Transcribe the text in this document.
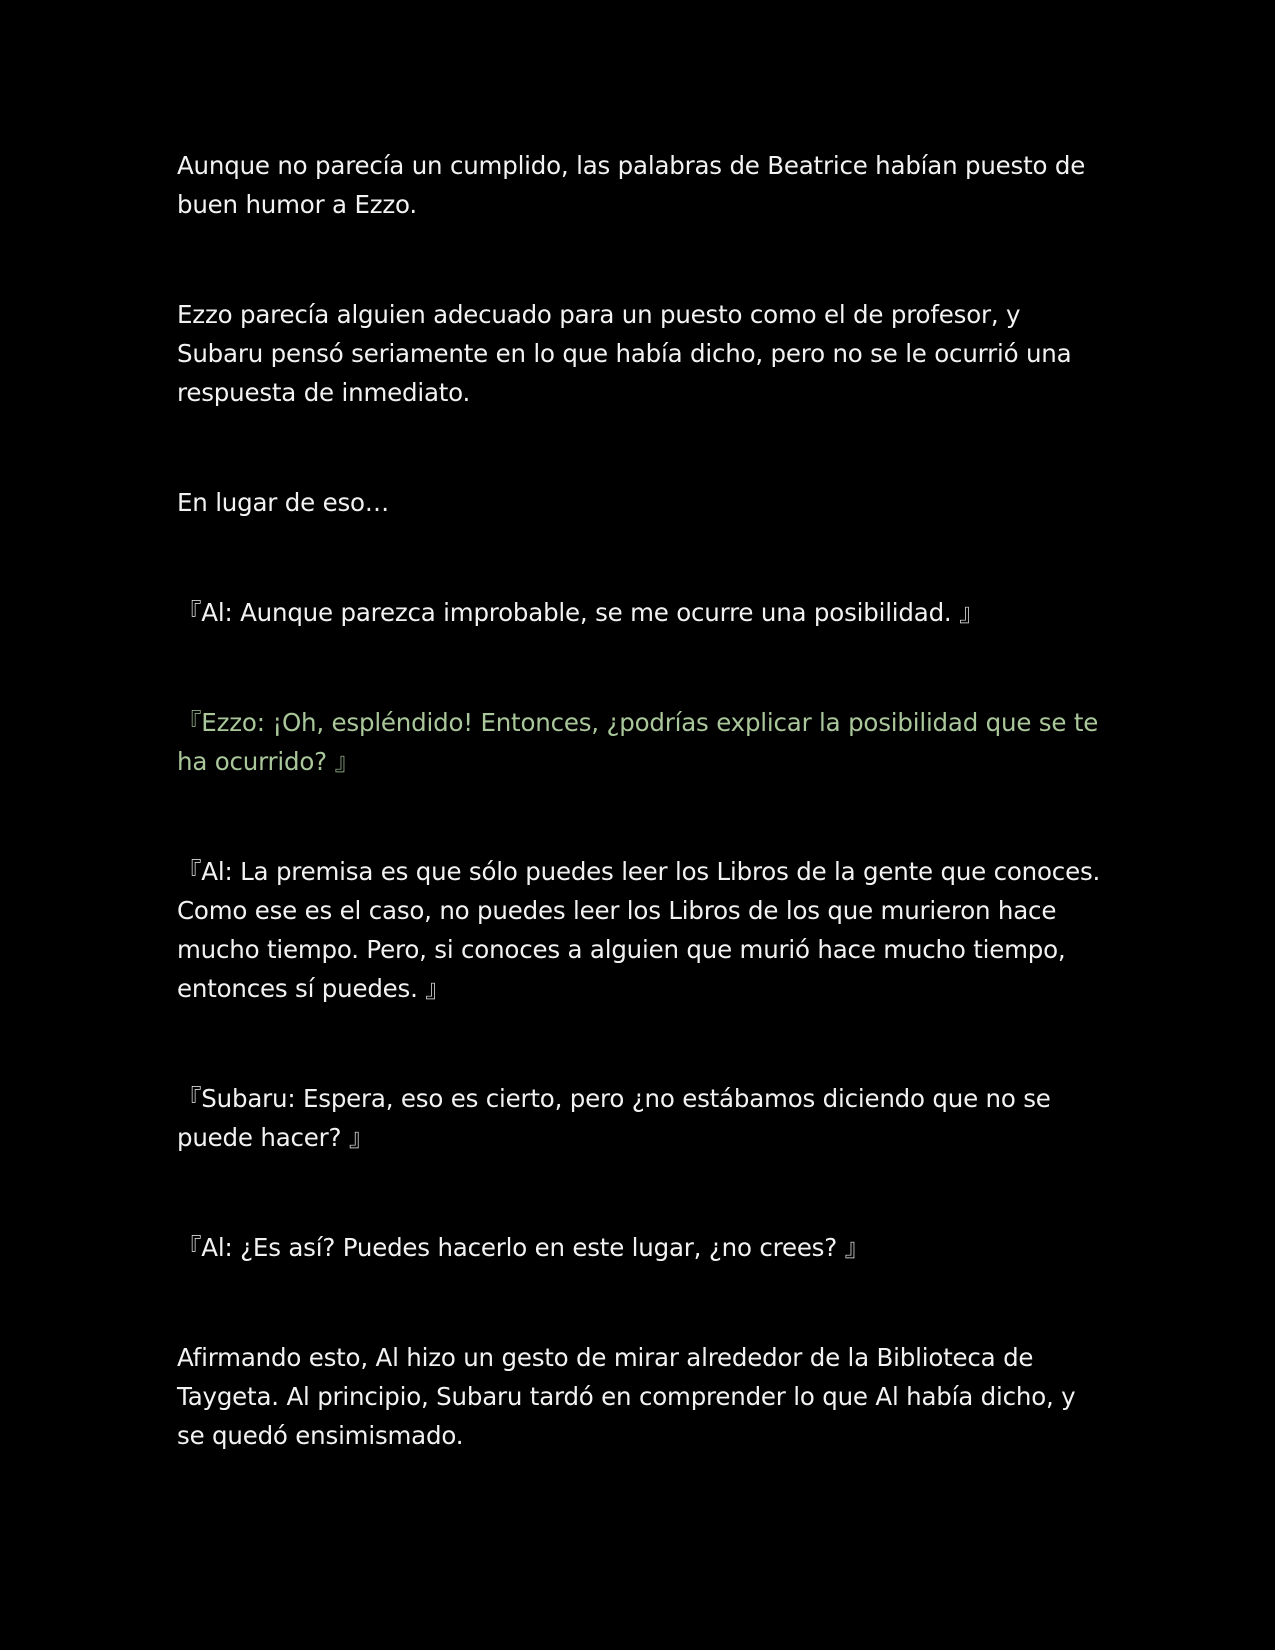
Aunque no parecía un cumplido, las palabras de Beatrice habían puesto de buen humor a Ezzo.

Ezzo parecía alguien adecuado para un puesto como el de profesor, y Subaru pensó seriamente en lo que había dicho, pero no se le ocurrió una respuesta de inmediato.

En lugar de eso…

『Al: Aunque parezca improbable, se me ocurre una posibilidad. 』

『Ezzo: ¡Oh, espléndido! Entonces, ¿podrías explicar la posibilidad que se te ha ocurrido? 』

『Al: La premisa es que sólo puedes leer los Libros de la gente que conoces. Como ese es el caso, no puedes leer los Libros de los que murieron hace mucho tiempo. Pero, si conoces a alguien que murió hace mucho tiempo, entonces sí puedes. 』

『Subaru: Espera, eso es cierto, pero ¿no estábamos diciendo que no se puede hacer? 』

『Al: ¿Es así? Puedes hacerlo en este lugar, ¿no crees? 』

Afirmando esto, Al hizo un gesto de mirar alrededor de la Biblioteca de Taygeta. Al principio, Subaru tardó en comprender lo que Al había dicho, y se quedó ensimismado.
